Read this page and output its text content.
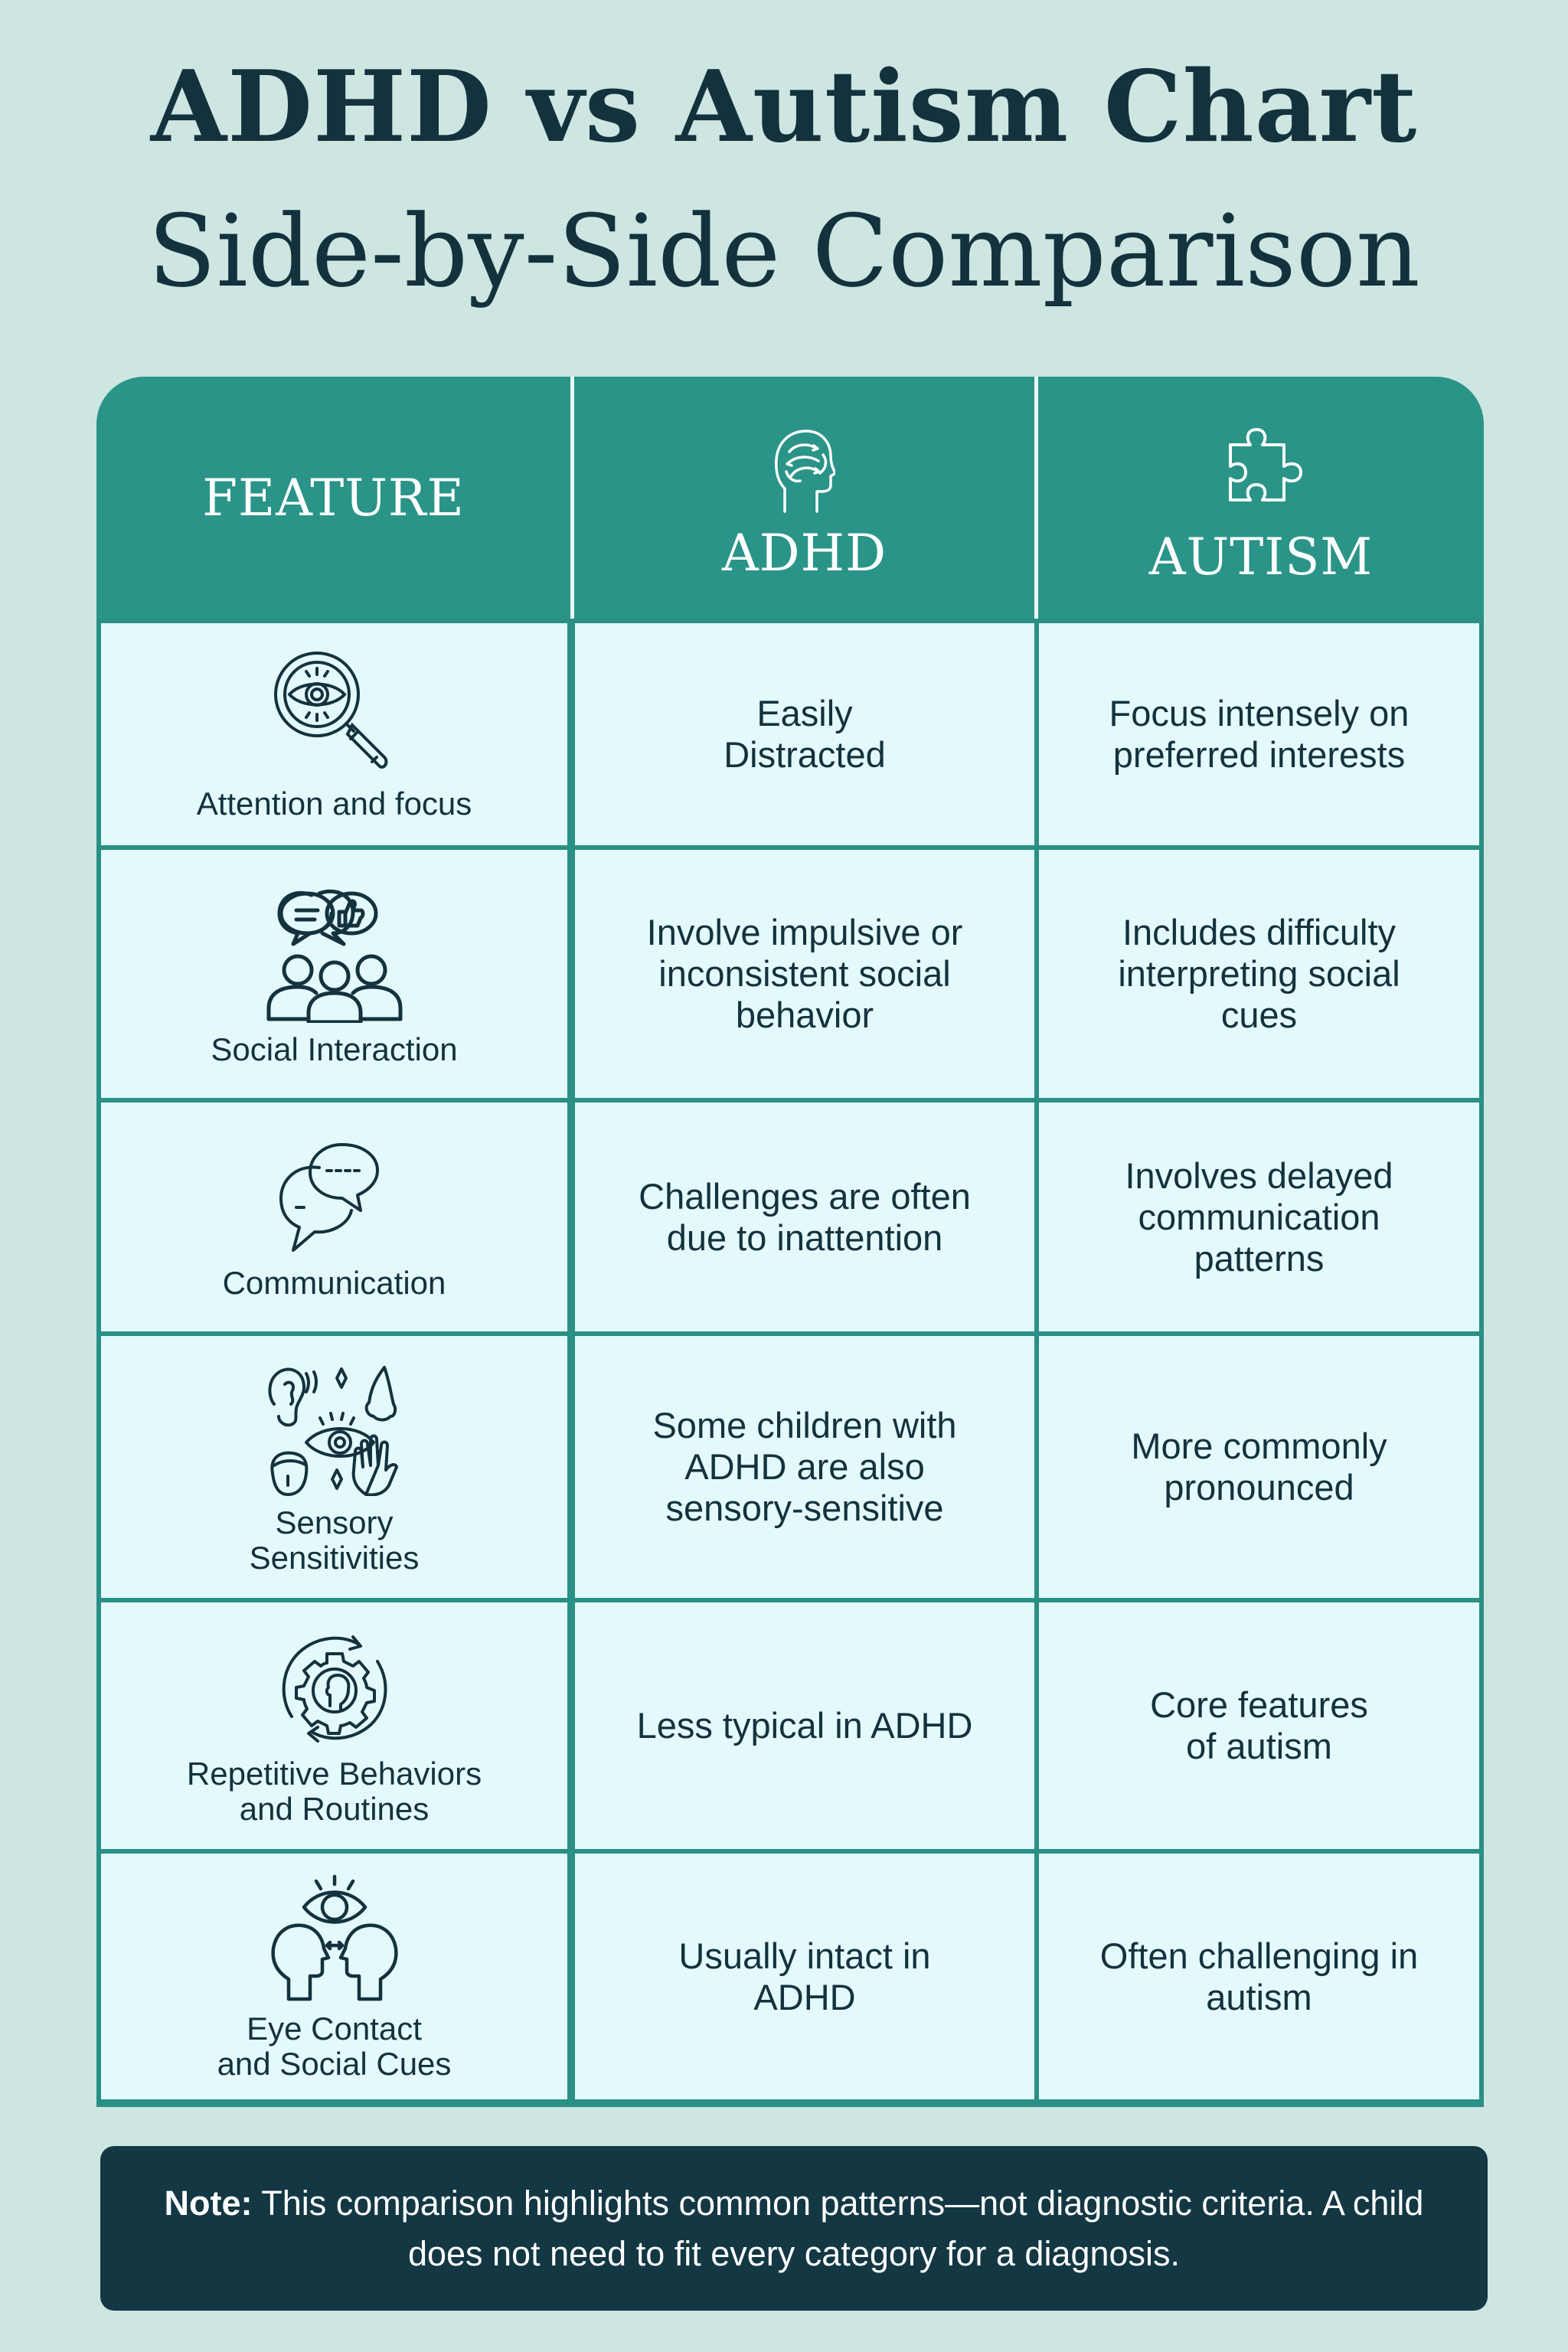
ADHD vs Autism Chart
Side-by-Side Comparison
FEATURE
ADHD	AUTISM
Attention and focus
Easily Distracted
Focus intensely on preferred interests
Social Interaction
Involve impulsive or inconsistent social behavior
Includes difficulty interpreting social cues
Communication
Challenges are often due to inattention
Involves delayed communication patterns
Sensory Sensitivities
Some children with ADHD are also sensory-sensitive
More commonly pronounced
Repetitive Behaviors and Routines
Less typical in ADHD
Core features of autism
Eye Contact and Social Cues
Usually intact in ADHD
Often challenging in autism
Note: This comparison highlights common patterns—not diagnostic criteria. A child does not need to fit every category for a diagnosis.
